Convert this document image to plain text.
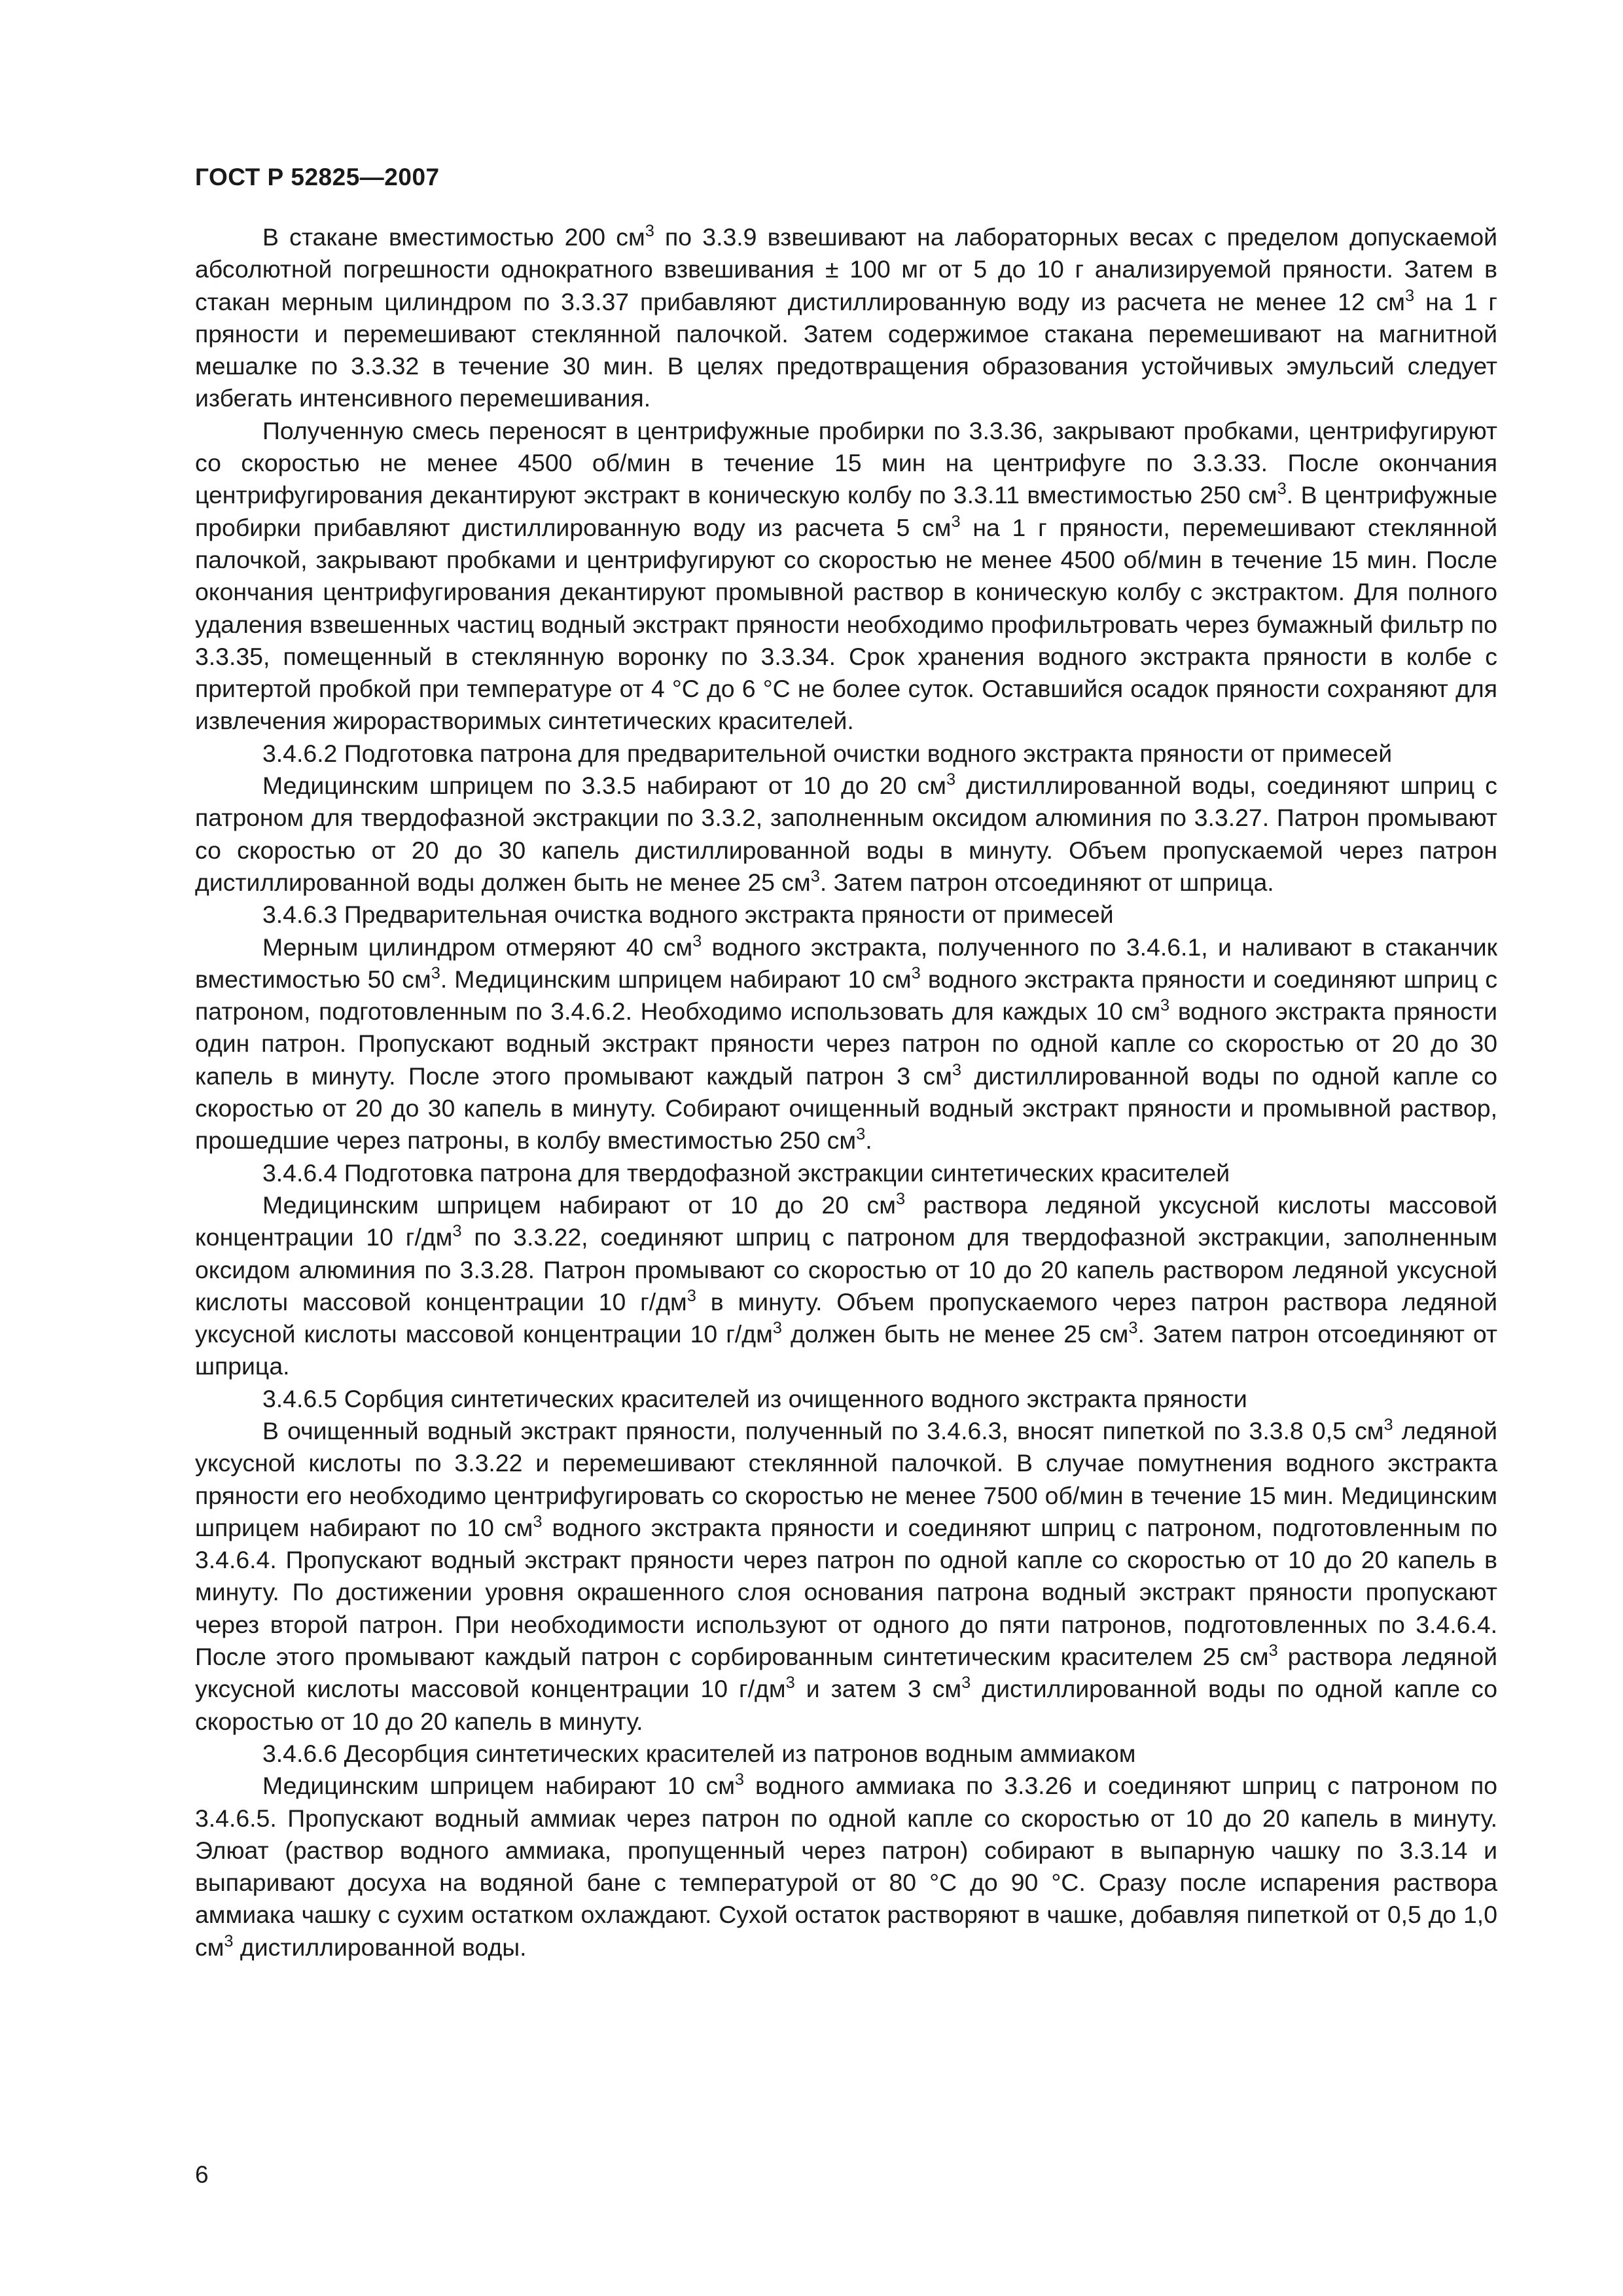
ГОСТ Р 52825—2007

В стакане вместимостью 200 $см^3$ по 3.3.9 взвешивают на лабораторных весах с пределом допускаемой абсолютной погрешности однократного взвешивания ± 100 мг от 5 до 10 г анализируемой пряности. Затем в стакан мерным цилиндром по 3.3.37 прибавляют дистиллированную воду из расчета не менее 12 $см^3$ на 1 г пряности и перемешивают стеклянной палочкой. Затем содержимое стакана перемешивают на магнитной мешалке по 3.3.32 в течение 30 мин. В целях предотвращения образования устойчивых эмульсий следует избегать интенсивного перемешивания.

Полученную смесь переносят в центрифужные пробирки по 3.3.36, закрывают пробками, центрифугируют со скоростью не менее 4500 об/мин в течение 15 мин на центрифуге по 3.3.33. После окончания центрифугирования декантируют экстракт в коническую колбу по 3.3.11 вместимостью 250 $см^3$. В центрифужные пробирки прибавляют дистиллированную воду из расчета 5 $см^3$ на 1 г пряности, перемешивают стеклянной палочкой, закрывают пробками и центрифугируют со скоростью не менее 4500 об/мин в течение 15 мин. После окончания центрифугирования декантируют промывной раствор в коническую колбу с экстрактом. Для полного удаления взвешенных частиц водный экстракт пряности необходимо профильтровать через бумажный фильтр по 3.3.35, помещенный в стеклянную воронку по 3.3.34. Срок хранения водного экстракта пряности в колбе с притертой пробкой при температуре от 4 °С до 6 °С не более суток. Оставшийся осадок пряности сохраняют для извлечения жирорастворимых синтетических красителей.

3.4.6.2 Подготовка патрона для предварительной очистки водного экстракта пряности от примесей

Медицинским шприцем по 3.3.5 набирают от 10 до 20 $см^3$ дистиллированной воды, соединяют шприц с патроном для твердофазной экстракции по 3.3.2, заполненным оксидом алюминия по 3.3.27. Патрон промывают со скоростью от 20 до 30 капель дистиллированной воды в минуту. Объем пропускаемой через патрон дистиллированной воды должен быть не менее 25 $см^3$. Затем патрон отсоединяют от шприца.

3.4.6.3 Предварительная очистка водного экстракта пряности от примесей

Мерным цилиндром отмеряют 40 $см^3$ водного экстракта, полученного по 3.4.6.1, и наливают в стаканчик вместимостью 50 $см^3$. Медицинским шприцем набирают 10 $см^3$ водного экстракта пряности и соединяют шприц с патроном, подготовленным по 3.4.6.2. Необходимо использовать для каждых 10 $см^3$ водного экстракта пряности один патрон. Пропускают водный экстракт пряности через патрон по одной капле со скоростью от 20 до 30 капель в минуту. После этого промывают каждый патрон 3 $см^3$ дистиллированной воды по одной капле со скоростью от 20 до 30 капель в минуту. Собирают очищенный водный экстракт пряности и промывной раствор, прошедшие через патроны, в колбу вместимостью 250 $см^3$.

3.4.6.4 Подготовка патрона для твердофазной экстракции синтетических красителей

Медицинским шприцем набирают от 10 до 20 $см^3$ раствора ледяной уксусной кислоты массовой концентрации 10 $г/дм^3$ по 3.3.22, соединяют шприц с патроном для твердофазной экстракции, заполненным оксидом алюминия по 3.3.28. Патрон промывают со скоростью от 10 до 20 капель раствором ледяной уксусной кислоты массовой концентрации 10 $г/дм^3$ в минуту. Объем пропускаемого через патрон раствора ледяной уксусной кислоты массовой концентрации 10 $г/дм^3$ должен быть не менее 25 $см^3$. Затем патрон отсоединяют от шприца.

3.4.6.5 Сорбция синтетических красителей из очищенного водного экстракта пряности

В очищенный водный экстракт пряности, полученный по 3.4.6.3, вносят пипеткой по 3.3.8 0,5 $см^3$ ледяной уксусной кислоты по 3.3.22 и перемешивают стеклянной палочкой. В случае помутнения водного экстракта пряности его необходимо центрифугировать со скоростью не менее 7500 об/мин в течение 15 мин. Медицинским шприцем набирают по 10 $см^3$ водного экстракта пряности и соединяют шприц с патроном, подготовленным по 3.4.6.4. Пропускают водный экстракт пряности через патрон по одной капле со скоростью от 10 до 20 капель в минуту. По достижении уровня окрашенного слоя основания патрона водный экстракт пряности пропускают через второй патрон. При необходимости используют от одного до пяти патронов, подготовленных по 3.4.6.4. После этого промывают каждый патрон с сорбированным синтетическим красителем 25 $см^3$ раствора ледяной уксусной кислоты массовой концентрации 10 $г/дм^3$ и затем 3 $см^3$ дистиллированной воды по одной капле со скоростью от 10 до 20 капель в минуту.

3.4.6.6 Десорбция синтетических красителей из патронов водным аммиаком

Медицинским шприцем набирают 10 $см^3$ водного аммиака по 3.3.26 и соединяют шприц с патроном по 3.4.6.5. Пропускают водный аммиак через патрон по одной капле со скоростью от 10 до 20 капель в минуту. Элюат (раствор водного аммиака, пропущенный через патрон) собирают в выпарную чашку по 3.3.14 и выпаривают досуха на водяной бане с температурой от 80 °С до 90 °С. Сразу после испарения раствора аммиака чашку с сухим остатком охлаждают. Сухой остаток растворяют в чашке, добавляя пипеткой от 0,5 до 1,0 $см^3$ дистиллированной воды.

6
